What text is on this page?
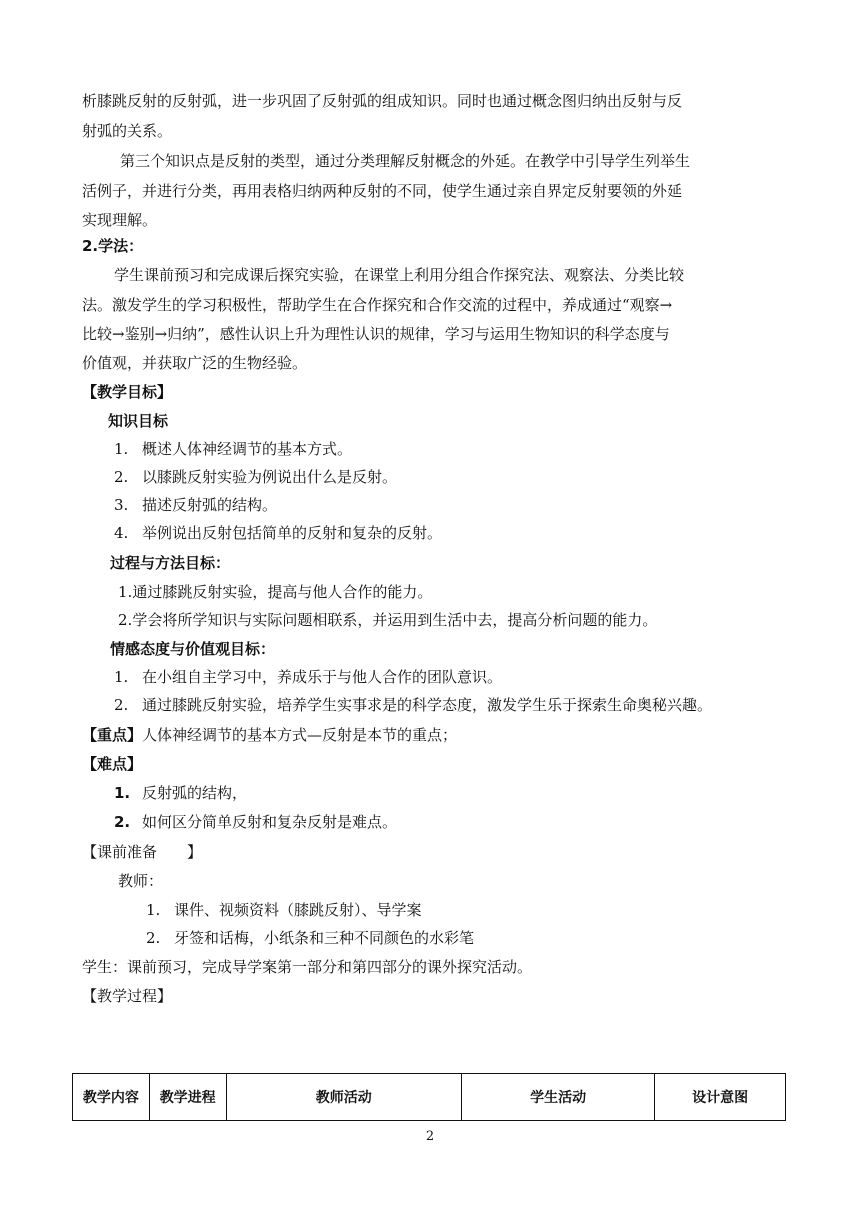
析膝跳反射的反射弧，进一步巩固了反射弧的组成知识。同时也通过概念图归纳出反射与反
射弧的关系。
第三个知识点是反射的类型，通过分类理解反射概念的外延。在教学中引导学生列举生
活例子，并进行分类，再用表格归纳两种反射的不同，使学生通过亲自界定反射要领的外延
实现理解。
2.学法：
学生课前预习和完成课后探究实验，在课堂上利用分组合作探究法、观察法、分类比较
法。激发学生的学习积极性，帮助学生在合作探究和合作交流的过程中，养成通过“观察→
比较→鉴别→归纳”，感性认识上升为理性认识的规律，学习与运用生物知识的科学态度与
价值观，并获取广泛的生物经验。
【教学目标】
知识目标
1. 概述人体神经调节的基本方式。
2. 以膝跳反射实验为例说出什么是反射。
3. 描述反射弧的结构。
4. 举例说出反射包括简单的反射和复杂的反射。
过程与方法目标：
1.通过膝跳反射实验，提高与他人合作的能力。
2.学会将所学知识与实际问题相联系，并运用到生活中去，提高分析问题的能力。
情感态度与价值观目标：
1. 在小组自主学习中，养成乐于与他人合作的团队意识。
2. 通过膝跳反射实验，培养学生实事求是的科学态度，激发学生乐于探索生命奥秘兴趣。
【重点】人体神经调节的基本方式—反射是本节的重点；
【难点】
1. 反射弧的结构，
2. 如何区分简单反射和复杂反射是难点。
【课前准备　　】
教师：
1. 课件、视频资料（膝跳反射）、导学案
2. 牙签和话梅，小纸条和三种不同颜色的水彩笔
学生：课前预习，完成导学案第一部分和第四部分的课外探究活动。
【教学过程】
教学内容	教学进程	教师活动	学生活动	设计意图
2
